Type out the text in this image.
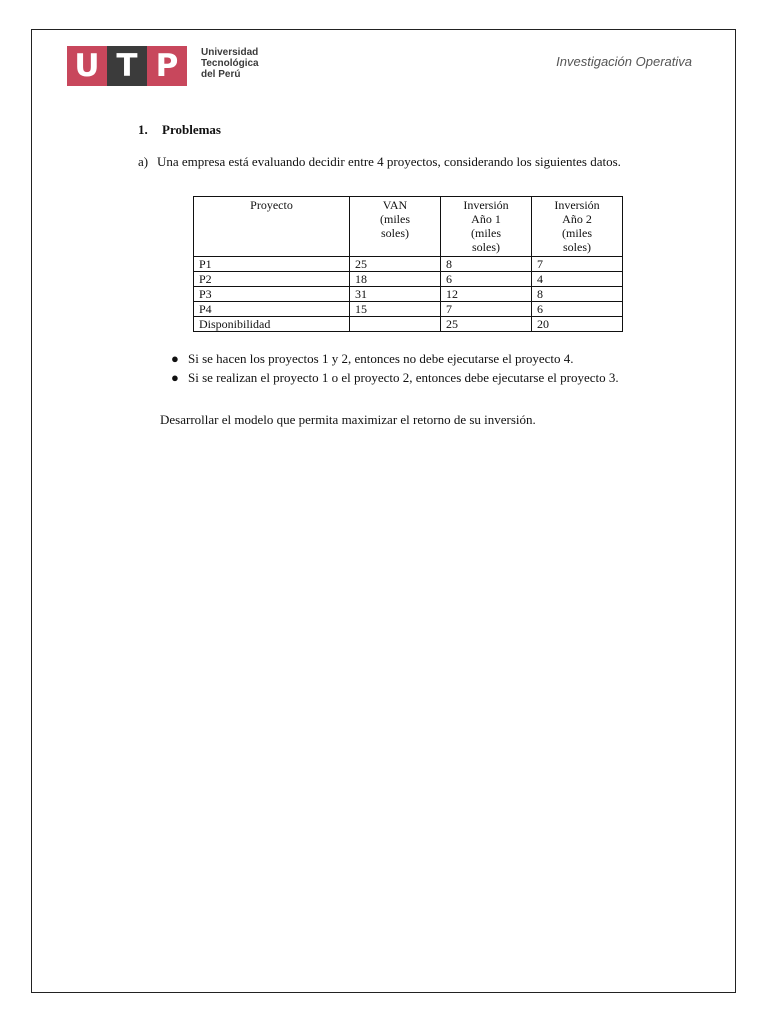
U T P	Universidad
Tecnológica
del Perú
Investigación Operativa
1. Problemas
a) Una empresa está evaluando decidir entre 4 proyectos, considerando los siguientes datos.
Proyecto	VAN
(miles
soles)	Inversión
Año 1
(miles
soles)	Inversión
Año 2
(miles
soles)
P1	25	8	7
P2	18	6	4
P3	31	12	8
P4	15	7	6
Disponibilidad		25	20
● Si se hacen los proyectos 1 y 2, entonces no debe ejecutarse el proyecto 4.
● Si se realizan el proyecto 1 o el proyecto 2, entonces debe ejecutarse el proyecto 3.
Desarrollar el modelo que permita maximizar el retorno de su inversión.
